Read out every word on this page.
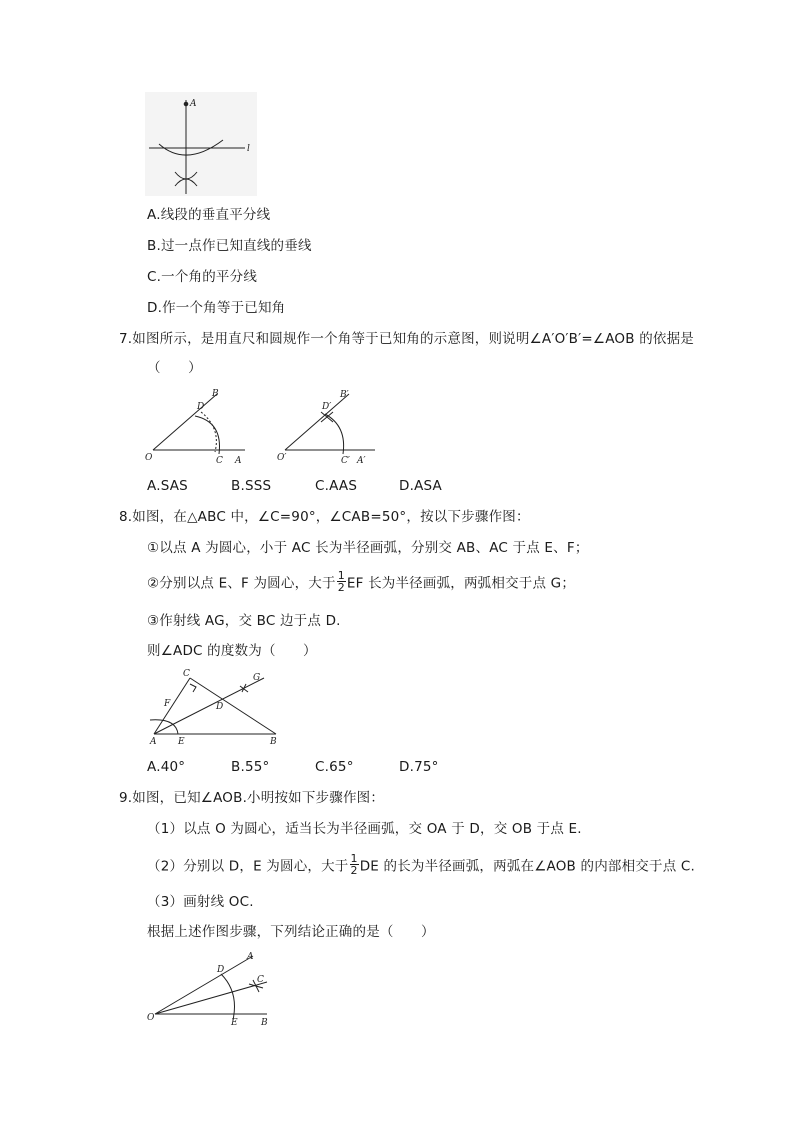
A
l
A.线段的垂直平分线
B.过一点作已知直线的垂线
C.一个角的平分线
D.作一个角等于已知角
7.如图所示，是用直尺和圆规作一个角等于已知角的示意图，则说明∠A′O′B′=∠AOB 的依据是
（　　）
B
D
O	C A
B′
D′
O′	C′ A′
A.SAS	B.SSS	C.AAS	D.ASA
8.如图，在△ABC 中，∠C=90°，∠CAB=50°，按以下步骤作图：
①以点 A 为圆心，小于 AC 长为半径画弧，分别交 AB、AC 于点 E、F；
②分别以点 E、F 为圆心，大于 $\frac{1}{2}$ EF 长为半径画弧，两弧相交于点 G；
③作射线 AG，交 BC 边于点 D.
则∠ADC 的度数为（　　）
C	G
F	D
A E	B
A.40°	B.55°	C.65°	D.75°
9.如图，已知∠AOB.小明按如下步骤作图：
（1）以点 O 为圆心，适当长为半径画弧，交 OA 于 D，交 OB 于点 E.
（2）分别以 D，E 为圆心，大于 $\frac{1}{2}$ DE 的长为半径画弧，两弧在∠AOB 的内部相交于点 C.
（3）画射线 OC.
根据上述作图步骤，下列结论正确的是（　　）
A
D
C
O	E	B
